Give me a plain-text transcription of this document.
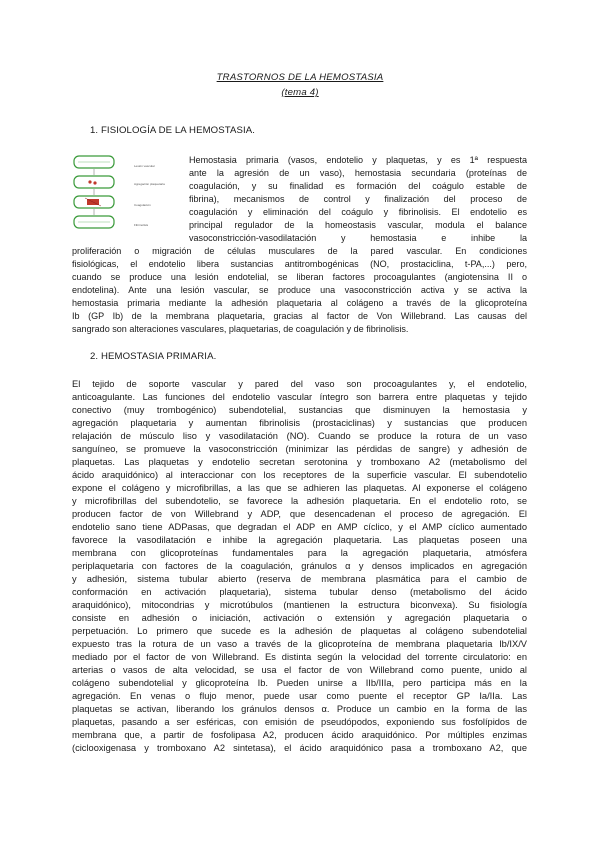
TRASTORNOS DE LA HEMOSTASIA
(tema 4)
1. FISIOLOGÍA DE LA HEMOSTASIA.
Lesión vascular
Agregación plaquetaria
Coagulación
Fibrinolisis
Hemostasia primaria (vasos, endotelio y plaquetas, y es 1ª respuesta
ante la agresión de un vaso), hemostasia secundaria (proteínas de
coagulación, y su finalidad es formación del coágulo estable de
fibrina), mecanismos de control y finalización del proceso de
coagulación y eliminación del coágulo y fibrinolisis. El endotelio es
principal regulador de la homeostasis vascular, modula el balance
vasoconstricción-vasodilatación y hemostasia e inhibe la
proliferación o migración de células musculares de la pared vascular. En condiciones
fisiológicas, el endotelio libera sustancias antitrombogénicas (NO, prostaciclina, t-PA,...) pero,
cuando se produce una lesión endotelial, se liberan factores procoagulantes (angiotensina II o
endotelina). Ante una lesión vascular, se produce una vasoconstricción activa y se activa la
hemostasia primaria mediante la adhesión plaquetaria al colágeno a través de la glicoproteína
Ib (GP Ib) de la membrana plaquetaria, gracias al factor de Von Willebrand. Las causas del
sangrado son alteraciones vasculares, plaquetarias, de coagulación y de fibrinolisis.
2. HEMOSTASIA PRIMARIA.
El tejido de soporte vascular y pared del vaso son procoagulantes y, el endotelio,
anticoagulante. Las funciones del endotelio vascular íntegro son barrera entre plaquetas y tejido
conectivo (muy trombogénico) subendotelial, sustancias que disminuyen la hemostasia y
agregación plaquetaria y aumentan fibrinolisis (prostaciclinas) y sustancias que producen
relajación de músculo liso y vasodilatación (NO). Cuando se produce la rotura de un vaso
sanguíneo, se promueve la vasoconstricción (minimizar las pérdidas de sangre) y adhesión de
plaquetas. Las plaquetas y endotelio secretan serotonina y tromboxano A2 (metabolismo del
ácido araquidónico) al interaccionar con los receptores de la superficie vascular. El subendotelio
expone el colágeno y microfibrillas, a las que se adhieren las plaquetas. Al exponerse el colágeno
y microfibrillas del subendotelio, se favorece la adhesión plaquetaria. En el endotelio roto, se
producen factor de von Willebrand y ADP, que desencadenan el proceso de agregación. El
endotelio sano tiene ADPasas, que degradan el ADP en AMP cíclico, y el AMP cíclico aumentado
favorece la vasodilatación e inhibe la agregación plaquetaria. Las plaquetas poseen una
membrana con glicoproteínas fundamentales para la agregación plaquetaria, atmósfera
periplaquetaria con factores de la coagulación, gránulos α y densos implicados en agregación
y adhesión, sistema tubular abierto (reserva de membrana plasmática para el cambio de
conformación en activación plaquetaria), sistema tubular denso (metabolismo del ácido
araquidónico), mitocondrias y microtúbulos (mantienen la estructura biconvexa). Su fisiología
consiste en adhesión o iniciación, activación o extensión y agregación plaquetaria o
perpetuación. Lo primero que sucede es la adhesión de plaquetas al colágeno subendotelial
expuesto tras la rotura de un vaso a través de la glicoproteína de membrana plaquetaria Ib/IX/V
mediado por el factor de von Willebrand. Es distinta según la velocidad del torrente circulatorio: en
arterias o vasos de alta velocidad, se usa el factor de von Willebrand como puente, unido al
colágeno subendotelial y glicoproteína Ib. Pueden unirse a IIb/IIIa, pero participa más en la
agregación. En venas o flujo menor, puede usar como puente el receptor GP Ia/IIa. Las
plaquetas se activan, liberando los gránulos densos α. Produce un cambio en la forma de las
plaquetas, pasando a ser esféricas, con emisión de pseudópodos, exponiendo sus fosfolípidos de
membrana que, a partir de fosfolipasa A2, producen ácido araquidónico. Por múltiples enzimas
(ciclooxigenasa y tromboxano A2 sintetasa), el ácido araquidónico pasa a tromboxano A2, que
